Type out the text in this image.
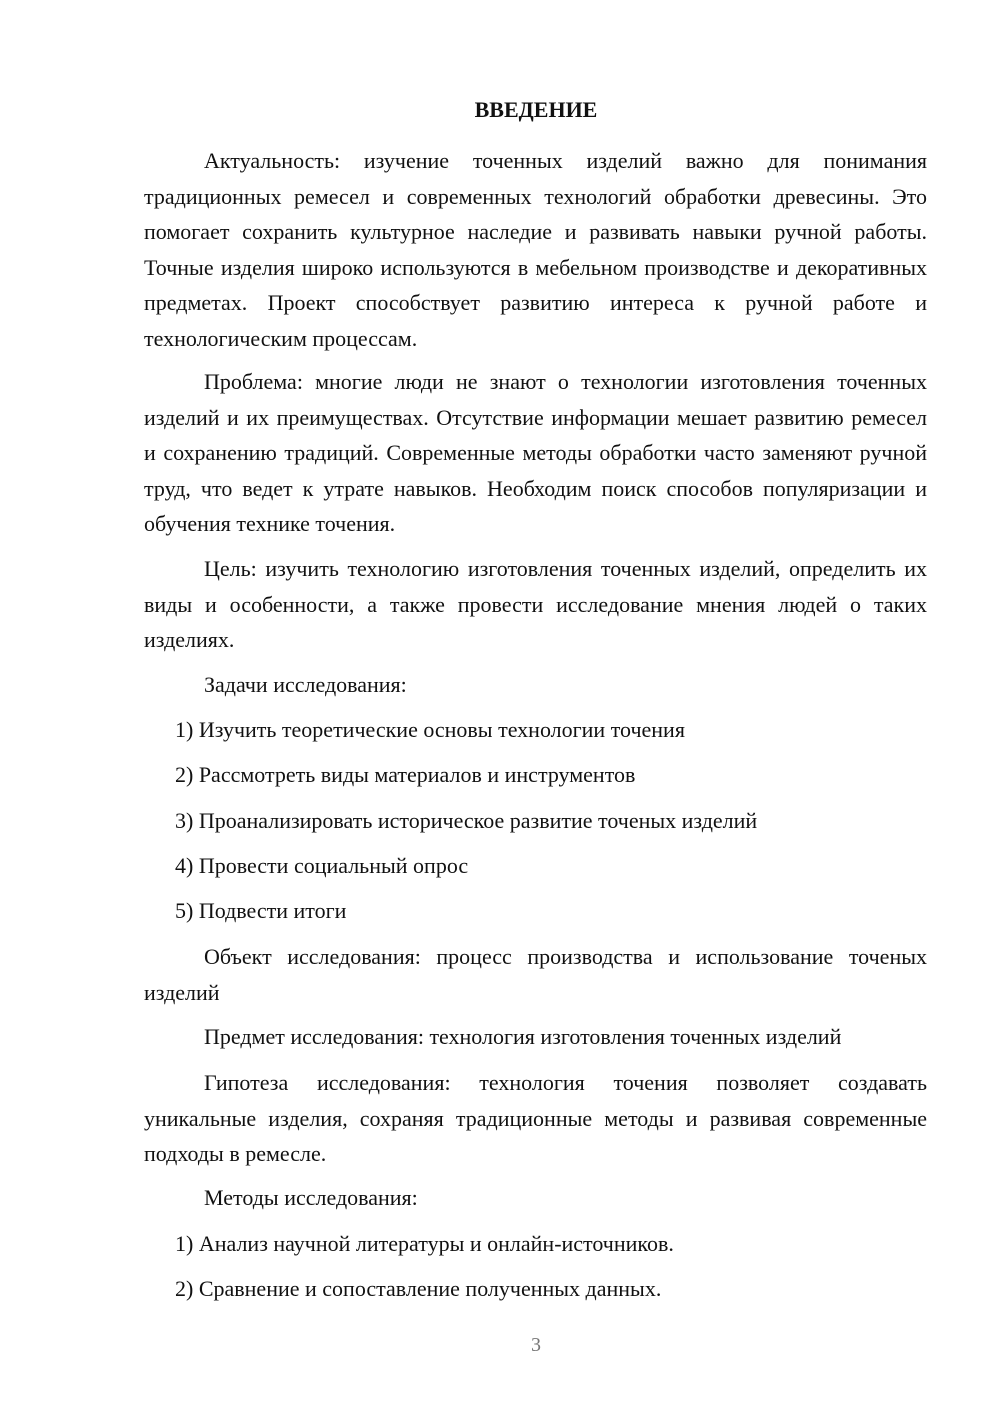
ВВЕДЕНИЕ

Актуальность: изучение точенных изделий важно для понимания традиционных ремесел и современных технологий обработки древесины. Это помогает сохранить культурное наследие и развивать навыки ручной работы. Точные изделия широко используются в мебельном производстве и декоративных предметах. Проект способствует развитию интереса к ручной работе и технологическим процессам.

Проблема: многие люди не знают о технологии изготовления точенных изделий и их преимуществах. Отсутствие информации мешает развитию ремесел и сохранению традиций. Современные методы обработки часто заменяют ручной труд, что ведет к утрате навыков. Необходим поиск способов популяризации и обучения технике точения.

Цель: изучить технологию изготовления точенных изделий, определить их виды и особенности, а также провести исследование мнения людей о таких изделиях.

Задачи исследования:
1) Изучить теоретические основы технологии точения
2) Рассмотреть виды материалов и инструментов
3) Проанализировать историческое развитие точеных изделий
4) Провести социальный опрос
5) Подвести итоги

Объект исследования: процесс производства и использование точеных изделий

Предмет исследования: технология изготовления точенных изделий

Гипотеза исследования: технология точения позволяет создавать уникальные изделия, сохраняя традиционные методы и развивая современные подходы в ремесле.

Методы исследования:
1) Анализ научной литературы и онлайн-источников.
2) Сравнение и сопоставление полученных данных.
3
